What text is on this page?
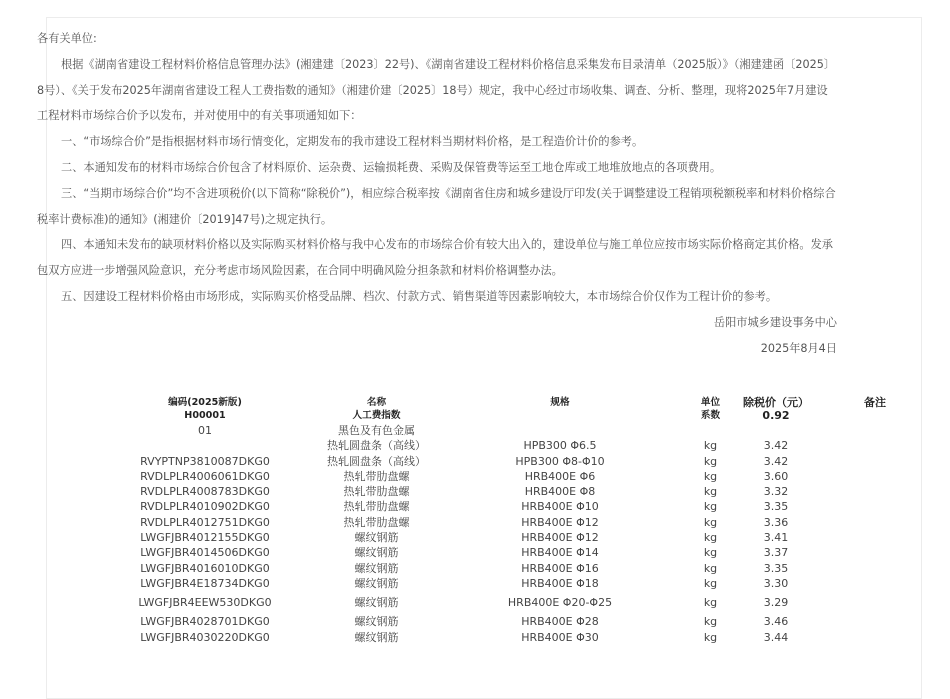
各有关单位:

根据《湖南省建设工程材料价格信息管理办法》(湘建建〔2023〕22号)、《湖南省建设工程材料价格信息采集发布目录清单（2025版）》（湘建建函〔2025〕8号）、《关于发布2025年湖南省建设工程人工费指数的通知》（湘建价建〔2025〕18号）规定，我中心经过市场收集、调查、分析、整理，现将2025年7月建设工程材料市场综合价予以发布，并对使用中的有关事项通知如下：

一、“市场综合价”是指根据材料市场行情变化，定期发布的我市建设工程材料当期材料价格，是工程造价计价的参考。

二、本通知发布的材料市场综合价包含了材料原价、运杂费、运输损耗费、采购及保管费等运至工地仓库或工地堆放地点的各项费用。

三、“当期市场综合价”均不含进项税价(以下简称“除税价”)，相应综合税率按《湖南省住房和城乡建设厅印发(关于调整建设工程销项税额税率和材料价格综合税率计费标准)的通知》(湘建价〔2019]47号)之规定执行。

四、本通知未发布的缺项材料价格以及实际购买材料价格与我中心发布的市场综合价有较大出入的，建设单位与施工单位应按市场实际价格商定其价格。发承包双方应进一步增强风险意识，充分考虑市场风险因素，在合同中明确风险分担条款和材料价格调整办法。

五、因建设工程材料价格由市场形成，实际购买价格受品牌、档次、付款方式、销售渠道等因素影响较大，本市场综合价仅作为工程计价的参考。

岳阳市城乡建设事务中心

2025年8月4日

编码(2025新版)	名称	规格	单位	除税价（元）	备注
H00001	人工费指数		系数	0.92	
01	黑色及有色金属				
	热轧圆盘条（高线）	HPB300 Φ6.5	kg	3.42	
RVYPTNP3810087DKG0	热轧圆盘条（高线）	HPB300 Φ8-Φ10	kg	3.42	
RVDLPLR4006061DKG0	热轧带肋盘螺	HRB400E Φ6	kg	3.60	
RVDLPLR4008783DKG0	热轧带肋盘螺	HRB400E Φ8	kg	3.32	
RVDLPLR4010902DKG0	热轧带肋盘螺	HRB400E Φ10	kg	3.35	
RVDLPLR4012751DKG0	热轧带肋盘螺	HRB400E Φ12	kg	3.36	
LWGFJBR4012155DKG0	螺纹钢筋	HRB400E Φ12	kg	3.41	
LWGFJBR4014506DKG0	螺纹钢筋	HRB400E Φ14	kg	3.37	
LWGFJBR4016010DKG0	螺纹钢筋	HRB400E Φ16	kg	3.35	
LWGFJBR4E18734DKG0	螺纹钢筋	HRB400E Φ18	kg	3.30	
LWGFJBR4EEW530DKG0	螺纹钢筋	HRB400E Φ20-Φ25	kg	3.29	
LWGFJBR4028701DKG0	螺纹钢筋	HRB400E Φ28	kg	3.46	
LWGFJBR4030220DKG0	螺纹钢筋	HRB400E Φ30	kg	3.44	
